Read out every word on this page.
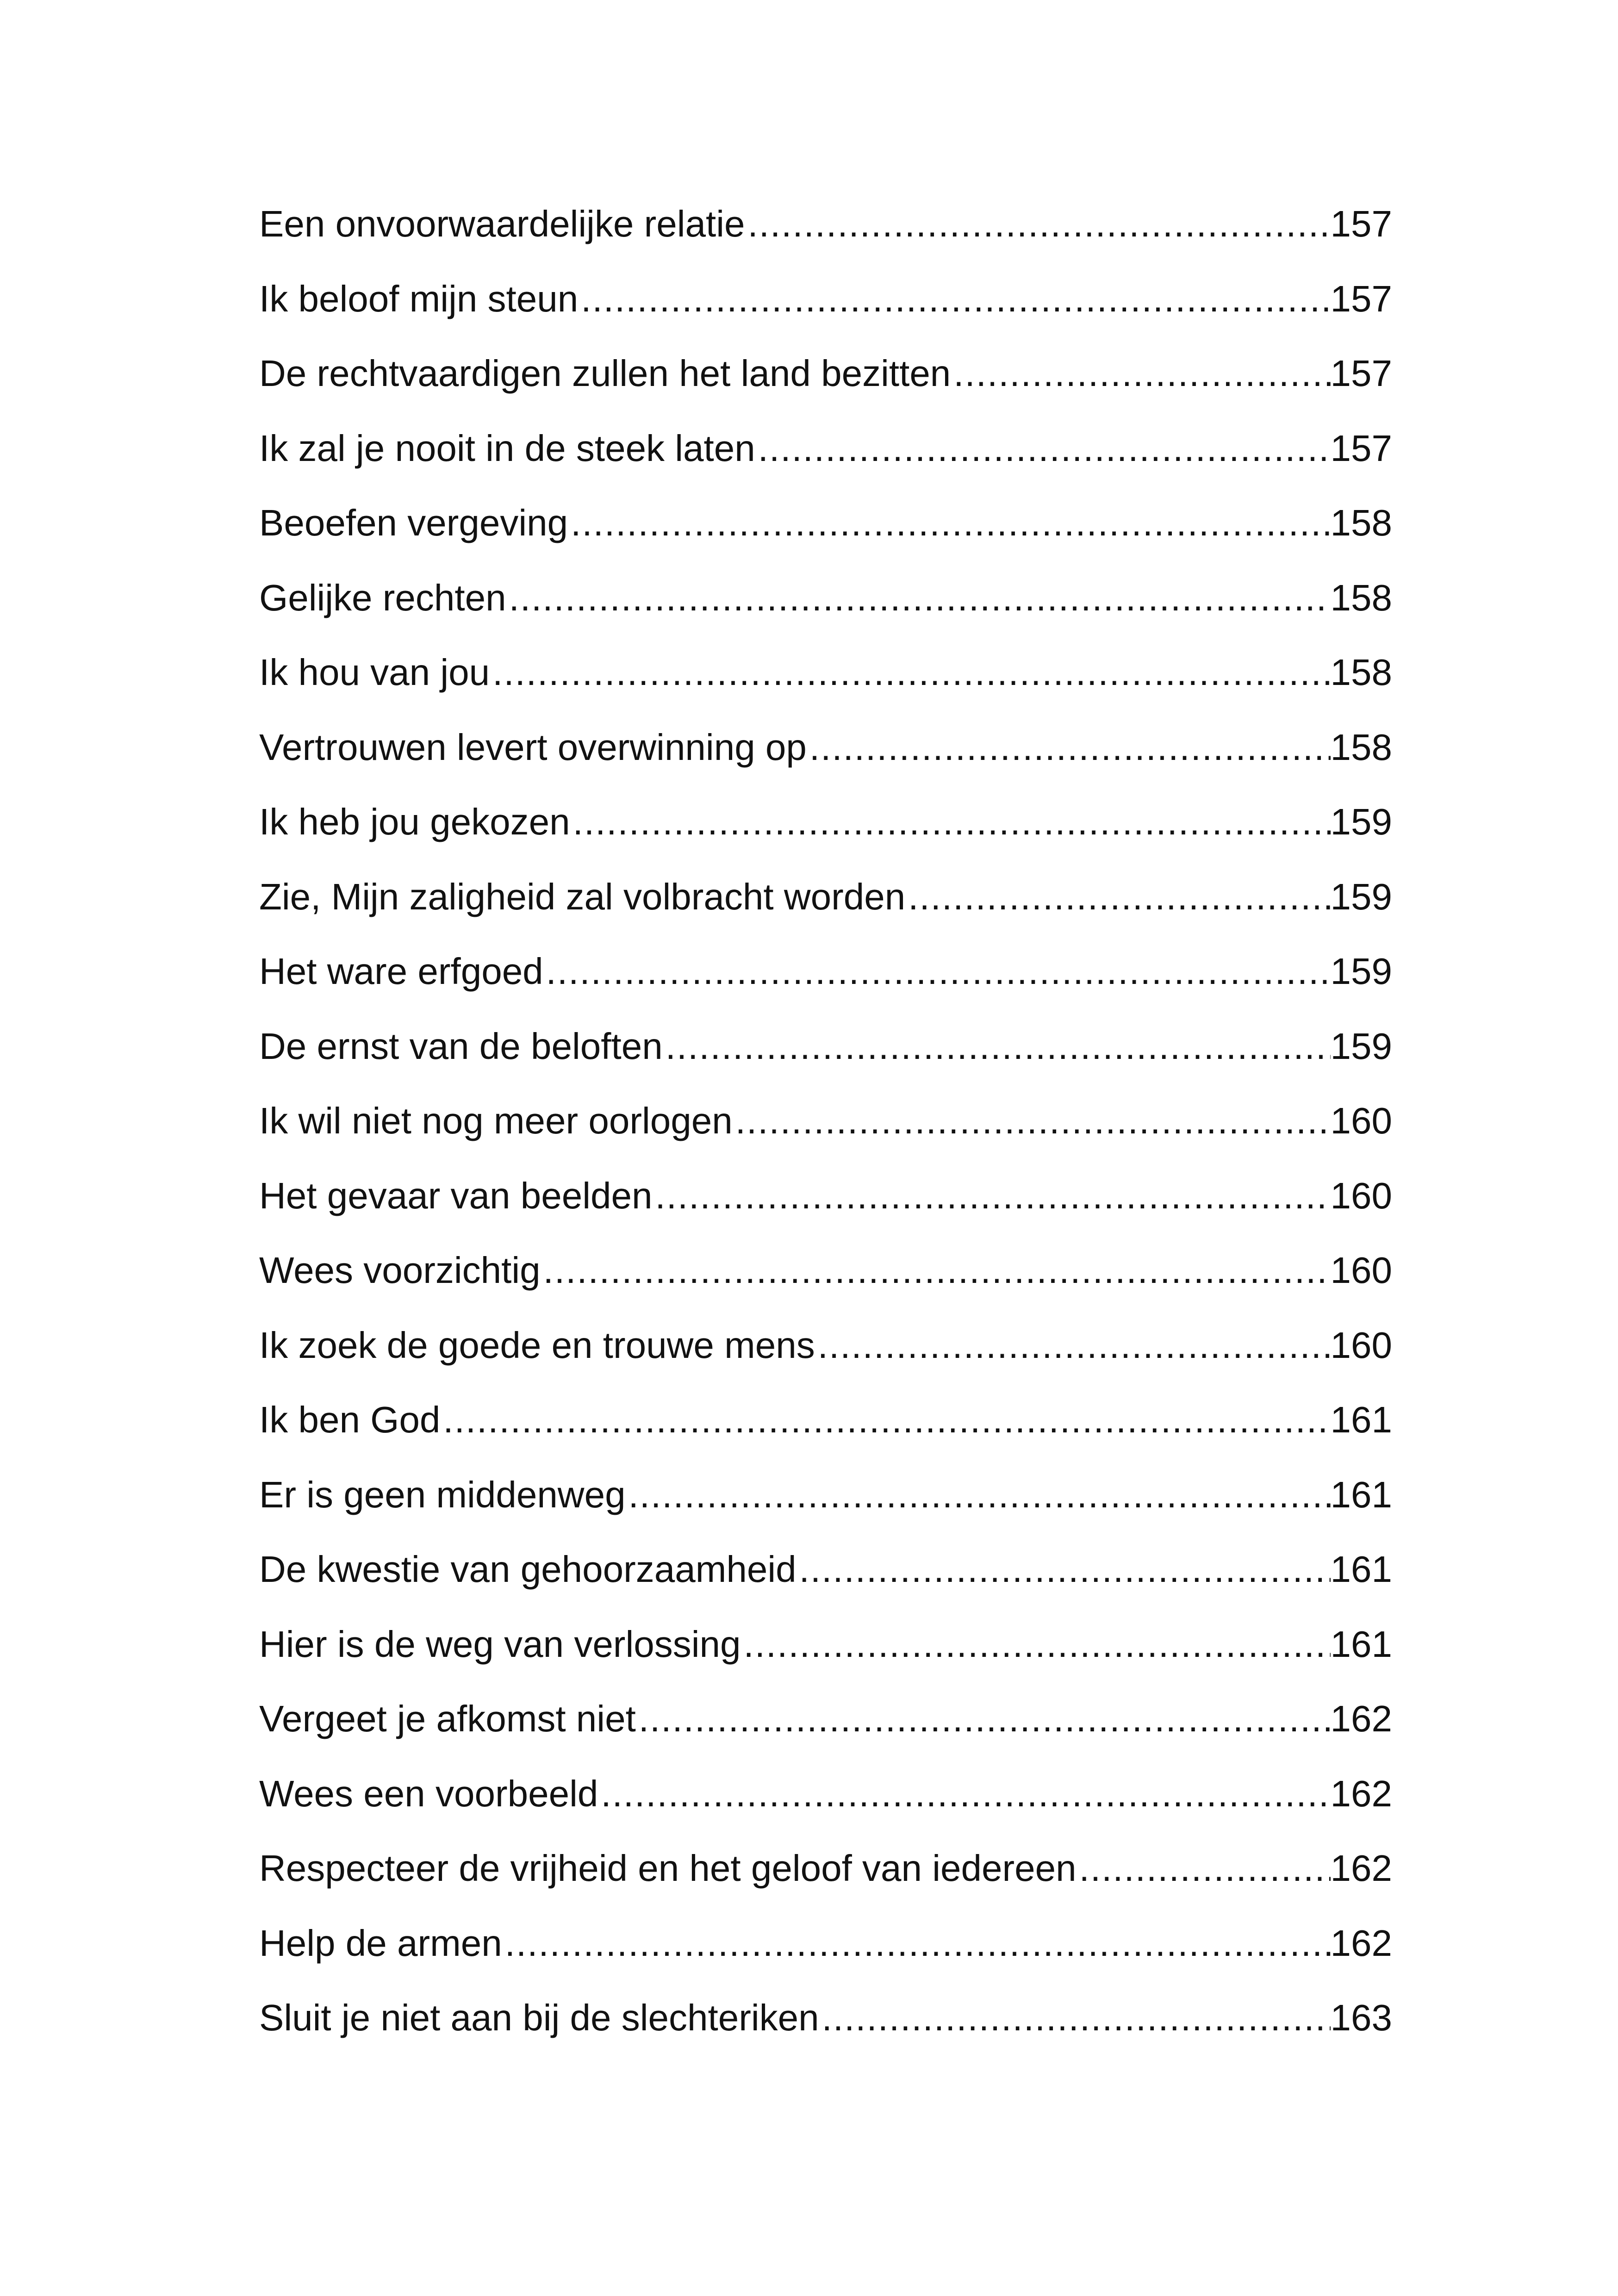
Een onvoorwaardelijke relatie .....	157
Ik beloof mijn steun .....	157
De rechtvaardigen zullen het land bezitten .....	157
Ik zal je nooit in de steek laten .....	157
Beoefen vergeving .....	158
Gelijke rechten .....	158
Ik hou van jou .....	158
Vertrouwen levert overwinning op .....	158
Ik heb jou gekozen .....	159
Zie, Mijn zaligheid zal volbracht worden .....	159
Het ware erfgoed .....	159
De ernst van de beloften .....	159
Ik wil niet nog meer oorlogen .....	160
Het gevaar van beelden .....	160
Wees voorzichtig .....	160
Ik zoek de goede en trouwe mens .....	160
Ik ben God .....	161
Er is geen middenweg .....	161
De kwestie van gehoorzaamheid .....	161
Hier is de weg van verlossing .....	161
Vergeet je afkomst niet .....	162
Wees een voorbeeld .....	162
Respecteer de vrijheid en het geloof van iedereen .....	162
Help de armen .....	162
Sluit je niet aan bij de slechteriken .....	163
